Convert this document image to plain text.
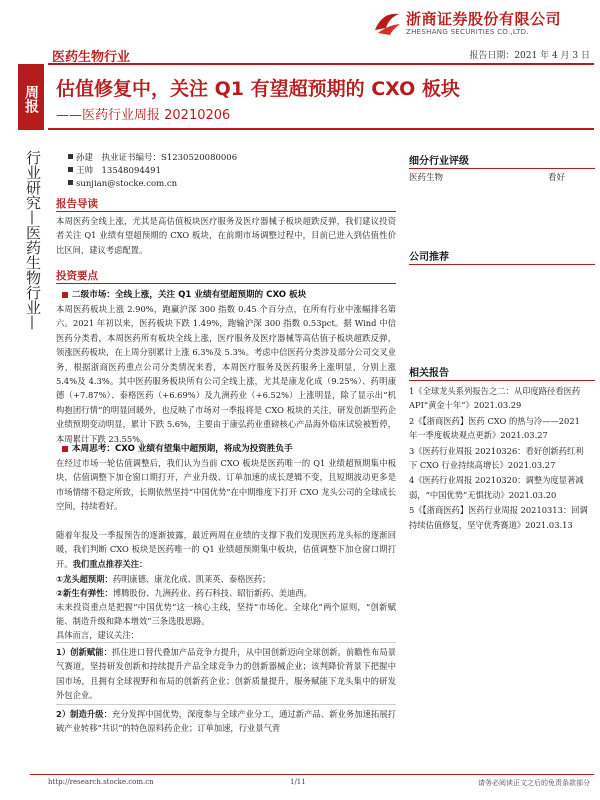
浙商证券股份有限公司
ZHESHANG SECURITIES CO.,LTD.
医药生物行业	报告日期：2021 年 4 月 3 日
周报
行业研究—医药生物行业—
估值修复中，关注 Q1 有望超预期的 CXO 板块
——医药行业周报 20210206
孙建　执业证书编号：S1230520080006
王帅　13548094491
sunjian@stocke.com.cn
细分行业评级
医药生物	看好
公司推荐
相关报告
1《全球龙头系列报告之二：从印度路径看医药 API“黄金十年”》2021.03.29
2《【浙商医药】医药 CXO 的热与冷——2021 年一季度板块观点更新》2021.03.27
3《医药行业周报 20210326：看好创新药红利下 CXO 行业持续高增长》2021.03.27
4《医药行业周报 20210320：调整为度显著减弱，“中国优势”无惧扰动》2021.03.20
5《【浙商医药】医药行业周报 20210313：回调持续估值修复，坚守优秀赛道》2021.03.13
报告导读
本周医药全线上涨，尤其是高估值板块医疗服务及医疗器械子板块超跌反弹，我们建议投资者关注 Q1 业绩有望超预期的 CXO 板块，在前期市场调整过程中，目前已进入到估值性价比区间，建议考虑配置。
投资要点
二级市场：全线上涨，关注 Q1 业绩有望超预期的 CXO 板块
本周医药板块上涨 2.90%，跑赢沪深 300 指数 0.45 个百分点，在所有行业中涨幅排名第六。2021 年初以来，医药板块下跌 1.49%，跑输沪深 300 指数 0.53pct。据 Wind 中信医药分类看，本周医药所有板块全线上涨，医疗服务及医疗器械等高估值子板块超跌反弹，领涨医药板块，在上周分别累计上涨 6.3%及 5.3%。考虑中信医药分类涉及部分公司交叉业务，根据浙商医药重点公司分类情况来看，本周医疗服务及医药服务上涨明显，分别上涨 5.4%及 4.3%。其中医药服务板块所有公司全线上涨，尤其是康龙化成（9.25%）、药明康德（+7.87%）、泰格医药（+6.69%）及九洲药业（+6.52%）上涨明显，除了显示出“机构抱团行情”的明显回暖外，也反映了市场对一季报将是 CXO 板块的关注，研发创新型药企业绩预期变动明显，累计下跌 5.6%，主要由于康弘药业重磅核心产品海外临床试验被暂停，本周累计下跌 23.55%。
本周思考：CXO 业绩有望集中超预期，将成为投资胜负手
在经过市场一轮估值调整后，我们认为当前 CXO 板块是医药唯一的 Q1 业绩超预期集中板块，估值调整下加仓窗口期打开，产业升级、订单加速的成长逻辑不变，且短期波动更多是市场情绪不稳定所致，长期依然坚持“中国优势”在中期维度下打开 CXO 龙头公司的全球成长空间，持续看好。
随着年报及一季报预告的逐渐披露，最近两周在业绩的支撑下我们发现医药龙头标的逐渐回暖，我们判断 CXO 板块是医药唯一的 Q1 业绩超预期集中板块，估值调整下加仓窗口期打开。我们重点推荐关注：
①龙头超预期：药明康德、康龙化成、凯莱英、泰格医药；
②新生有弹性：博腾股份、九洲药业、药石科技、昭衍新药、美迪西。
未来投资重点是把握“中国优势”这一核心主线，坚持“市场化、全球化”两个原则，“创新赋能、制造升级和降本增效”三条选股思路。
具体而言，建议关注：
1）创新赋能：抓住进口替代叠加产品竞争力提升，从中国创新迈向全球创新。前瞻性布局景气赛道，坚持研发创新和持续提升产品全球竞争力的创新器械企业；该判降价背景下把握中国市场，且拥有全球视野和布局的创新药企业；创新质量提升，服务赋能下龙头集中的研发外包企业。
2）制造升级：充分发挥中国优势，深度参与全球产业分工，通过新产品、新业务加速拓展打破产业转移“共识”的特色原料药企业；订单加速，行业景气背
http://research.stocke.com.cn	1/11	请务必阅读正文之后的免责条款部分
